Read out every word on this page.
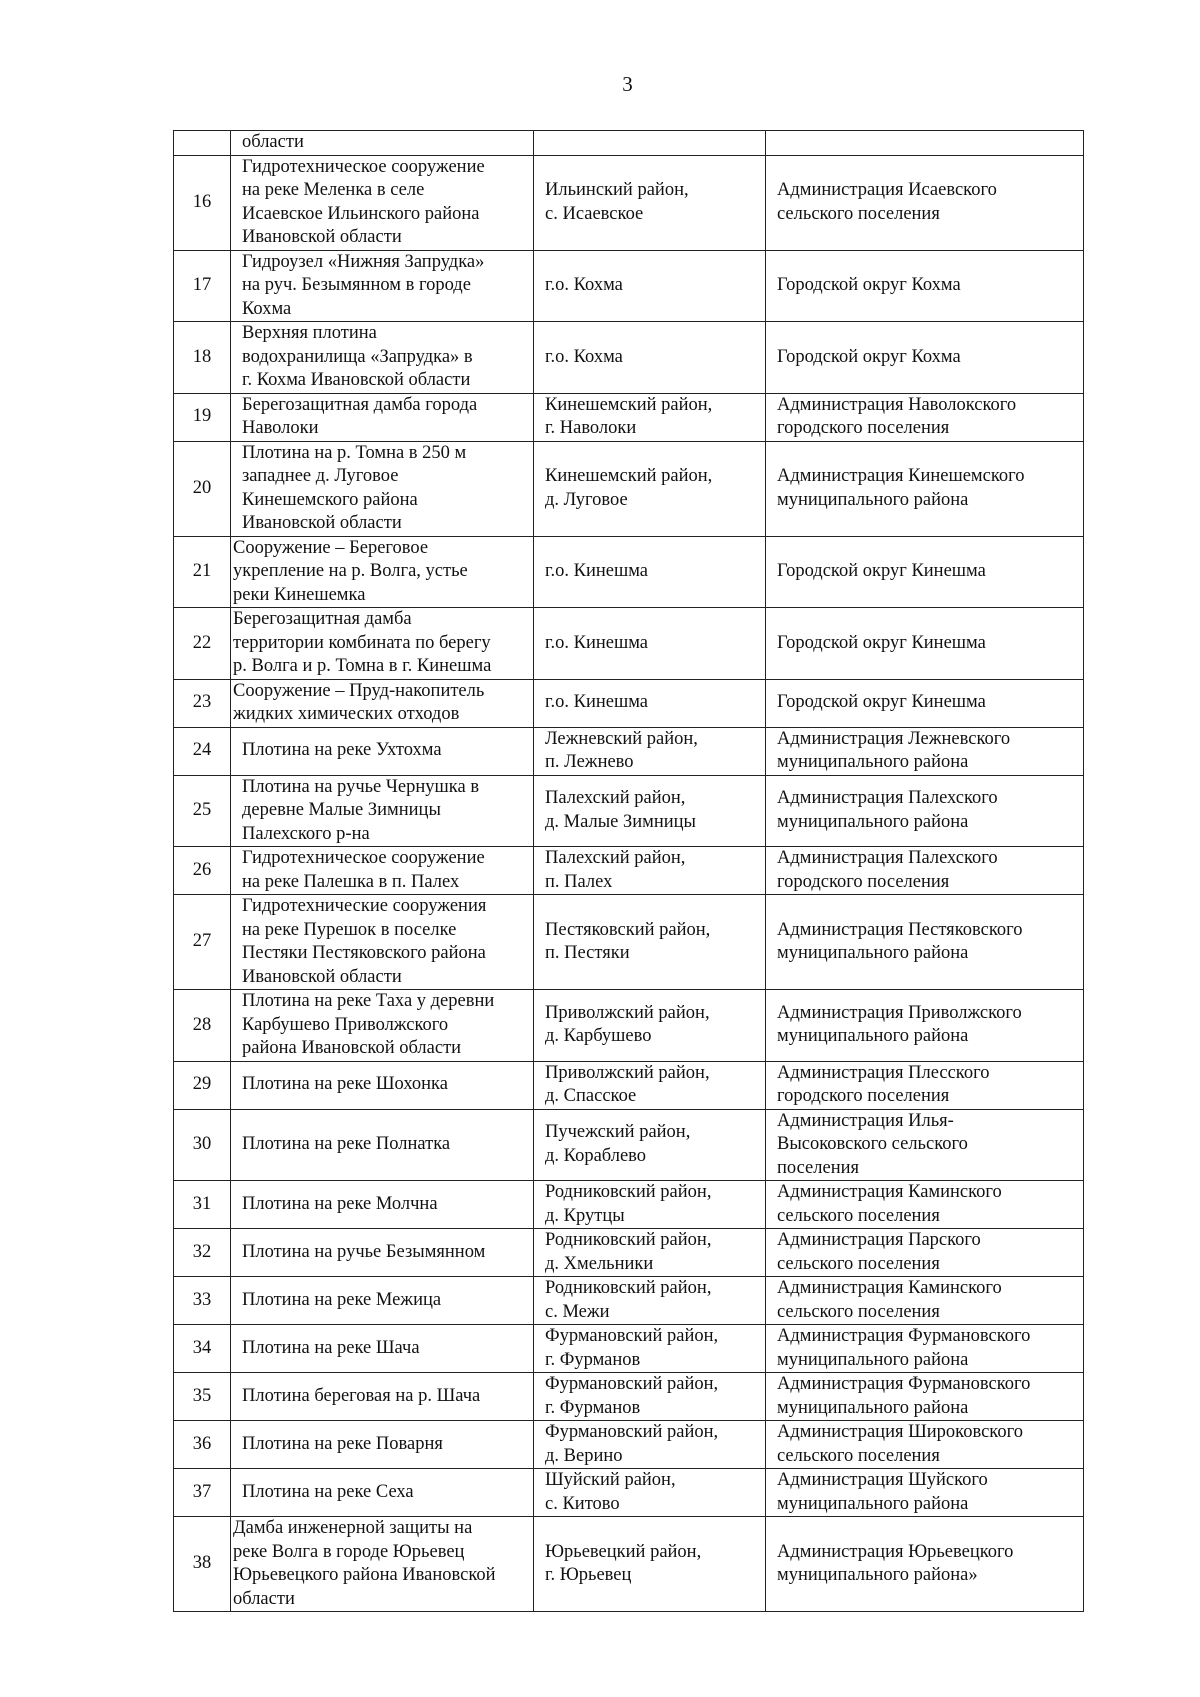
3
	области		
16	Гидротехническое сооружение
на реке Меленка в селе
Исаевское Ильинского района
Ивановской области	Ильинский район,
с. Исаевское	Администрация Исаевского
сельского поселения
17	Гидроузел «Нижняя Запрудка»
на руч. Безымянном в городе
Кохма	г.о. Кохма	Городской округ Кохма
18	Верхняя плотина
водохранилища «Запрудка» в
г. Кохма Ивановской области	г.о. Кохма	Городской округ Кохма
19	Берегозащитная дамба города
Наволоки	Кинешемский район,
г. Наволоки	Администрация Наволокского
городского поселения
20	Плотина на р. Томна в 250 м
западнее д. Луговое
Кинешемского района
Ивановской области	Кинешемский район,
д. Луговое	Администрация Кинешемского
муниципального района
21	Сооружение – Береговое
укрепление на р. Волга, устье
реки Кинешемка	г.о. Кинешма	Городской округ Кинешма
22	Берегозащитная дамба
территории комбината по берегу
р. Волга и р. Томна в г. Кинешма	г.о. Кинешма	Городской округ Кинешма
23	Сооружение – Пруд-накопитель
жидких химических отходов	г.о. Кинешма	Городской округ Кинешма
24	Плотина на реке Ухтохма	Лежневский район,
п. Лежнево	Администрация Лежневского
муниципального района
25	Плотина на ручье Чернушка в
деревне Малые Зимницы
Палехского р-на	Палехский район,
д. Малые Зимницы	Администрация Палехского
муниципального района
26	Гидротехническое сооружение
на реке Палешка в п. Палех	Палехский район,
п. Палех	Администрация Палехского
городского поселения
27	Гидротехнические сооружения
на реке Пурешок в поселке
Пестяки Пестяковского района
Ивановской области	Пестяковский район,
п. Пестяки	Администрация Пестяковского
муниципального района
28	Плотина на реке Таха у деревни
Карбушево Приволжского
района Ивановской области	Приволжский район,
д. Карбушево	Администрация Приволжского
муниципального района
29	Плотина на реке Шохонка	Приволжский район,
д. Спасское	Администрация Плесского
городского поселения
30	Плотина на реке Полнатка	Пучежский район,
д. Кораблево	Администрация Илья-
Высоковского сельского
поселения
31	Плотина на реке Молчна	Родниковский район,
д. Крутцы	Администрация Каминского
сельского поселения
32	Плотина на ручье Безымянном	Родниковский район,
д. Хмельники	Администрация Парского
сельского поселения
33	Плотина на реке Межица	Родниковский район,
с. Межи	Администрация Каминского
сельского поселения
34	Плотина на реке Шача	Фурмановский район,
г. Фурманов	Администрация Фурмановского
муниципального района
35	Плотина береговая на р. Шача	Фурмановский район,
г. Фурманов	Администрация Фурмановского
муниципального района
36	Плотина на реке Поварня	Фурмановский район,
д. Верино	Администрация Широковского
сельского поселения
37	Плотина на реке Сеха	Шуйский район,
с. Китово	Администрация Шуйского
муниципального района
38	Дамба инженерной защиты на
реке Волга в городе Юрьевец
Юрьевецкого района Ивановской
области	Юрьевецкий район,
г. Юрьевец	Администрация Юрьевецкого
муниципального района»
